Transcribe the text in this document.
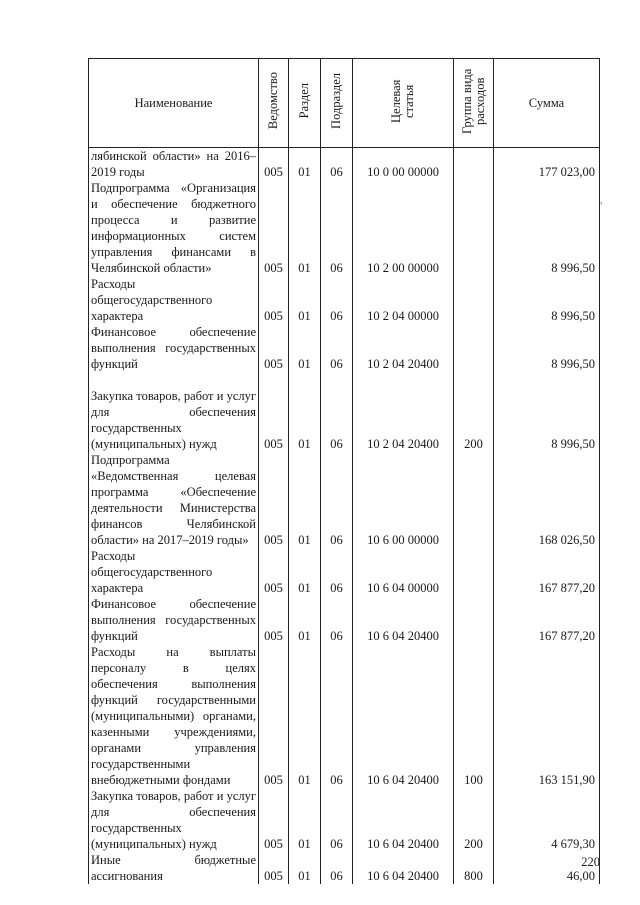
Наименование	Ведомство	Раздел	Подраздел	Целевая статья	Группа вида расходов	Сумма
лябинской области» на 2016–2019 годы	005	01	06	10 0 00 00000		177 023,00
Подпрограмма «Организация и обеспечение бюджетного процесса и развитие информационных систем управления финансами в Челябинской области»	005	01	06	10 2 00 00000		8 996,50
Расходы общегосударственного характера	005	01	06	10 2 04 00000		8 996,50
Финансовое обеспечение выполнения государственных функций	005	01	06	10 2 04 20400		8 996,50
Закупка товаров, работ и услуг для обеспечения государственных (муниципальных) нужд	005	01	06	10 2 04 20400	200	8 996,50
Подпрограмма «Ведомственная целевая программа «Обеспечение деятельности Министерства финансов Челябинской области» на 2017–2019 годы»	005	01	06	10 6 00 00000		168 026,50
Расходы общегосударственного характера	005	01	06	10 6 04 00000		167 877,20
Финансовое обеспечение выполнения государственных функций	005	01	06	10 6 04 20400		167 877,20
Расходы на выплаты персоналу в целях обеспечения выполнения функций государственными (муниципальными) органами, казенными учреждениями, органами управления государственными внебюджетными фондами	005	01	06	10 6 04 20400	100	163 151,90
Закупка товаров, работ и услуг для обеспечения государственных (муниципальных) нужд	005	01	06	10 6 04 20400	200	4 679,30
Иные бюджетные ассигнования	005	01	06	10 6 04 20400	800	46,00
,
220
